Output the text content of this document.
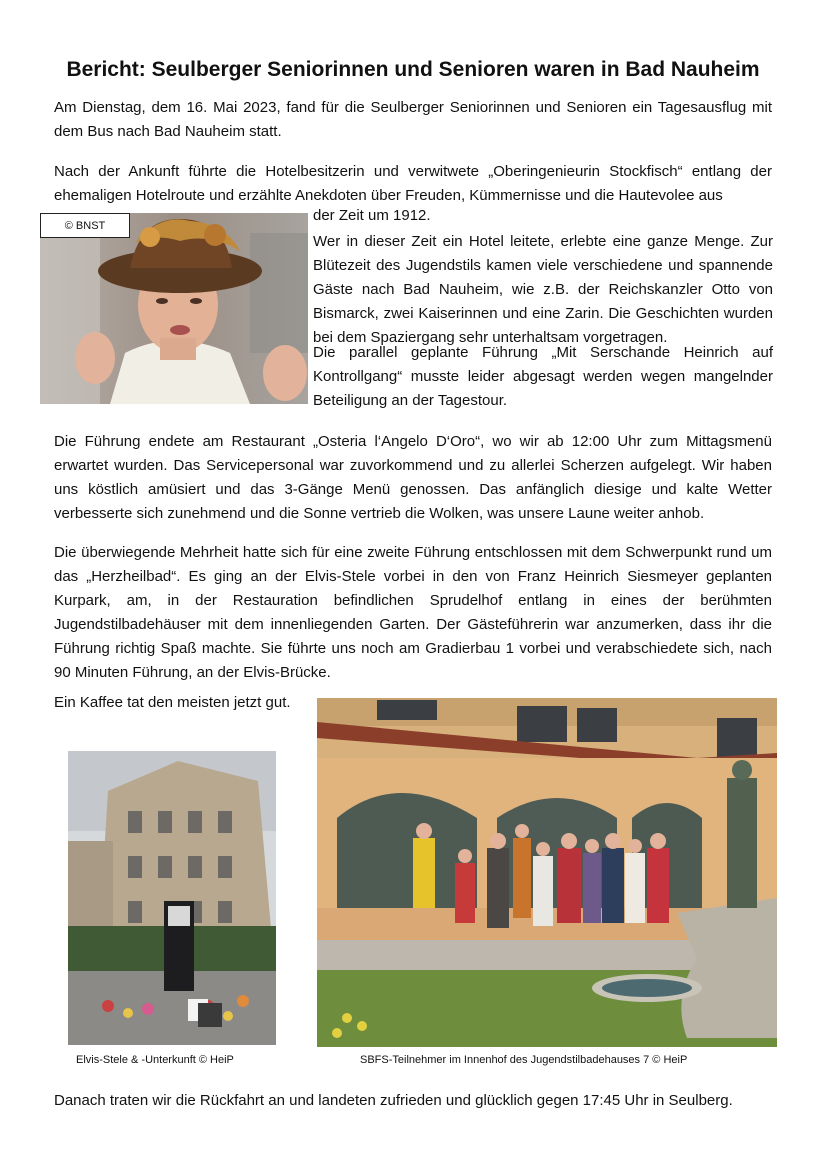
Bericht: Seulberger Seniorinnen und Senioren waren in Bad Nauheim

Am Dienstag, dem 16. Mai 2023, fand für die Seulberger Seniorinnen und Senioren ein Tagesausflug mit dem Bus nach Bad Nauheim statt.

Nach der Ankunft führte die Hotelbesitzerin und verwitwete „Oberingenieurin Stockfisch“ entlang der ehemaligen Hotelroute und erzählte Anekdoten über Freuden, Kümmernisse und die Hautevolee aus

der Zeit um 1912.

© BNST

Wer in dieser Zeit ein Hotel leitete, erlebte eine ganze Menge. Zur Blütezeit des Jugendstils kamen viele verschiedene und spannende Gäste nach Bad Nauheim, wie z.B. der Reichskanzler Otto von Bismarck, zwei Kaiserinnen und eine Zarin. Die Geschichten wurden bei dem Spaziergang sehr unterhaltsam vorgetragen.

Die parallel geplante Führung „Mit Serschande Heinrich auf Kontrollgang“ musste leider abgesagt werden wegen mangelnder Beteiligung an der Tagestour.

Die Führung endete am Restaurant „Osteria l‘Angelo D‘Oro“, wo wir ab 12:00 Uhr zum Mittagsmenü erwartet wurden. Das Servicepersonal war zuvorkommend und zu allerlei Scherzen aufgelegt. Wir haben uns köstlich amüsiert und das 3-Gänge Menü genossen. Das anfänglich diesige und kalte Wetter verbesserte sich zunehmend und die Sonne vertrieb die Wolken, was unsere Laune weiter anhob.

Die überwiegende Mehrheit hatte sich für eine zweite Führung entschlossen mit dem Schwerpunkt rund um das „Herzheilbad“. Es ging an der Elvis-Stele vorbei in den von Franz Heinrich Siesmeyer geplanten Kurpark, am, in der Restauration befindlichen Sprudelhof entlang in eines der berühmten Jugendstilbadehäuser mit dem innenliegenden Garten. Der Gästeführerin war anzumerken, dass ihr die Führung richtig Spaß machte. Sie führte uns noch am Gradierbau 1 vorbei und verabschiedete sich, nach 90 Minuten Führung, an der Elvis-Brücke.

Ein Kaffee tat den meisten jetzt gut.

Elvis-Stele & -Unterkunft © HeiP	SBFS-Teilnehmer im Innenhof des Jugendstilbadehauses 7 © HeiP

Danach traten wir die Rückfahrt an und landeten zufrieden und glücklich gegen 17:45 Uhr in Seulberg.
